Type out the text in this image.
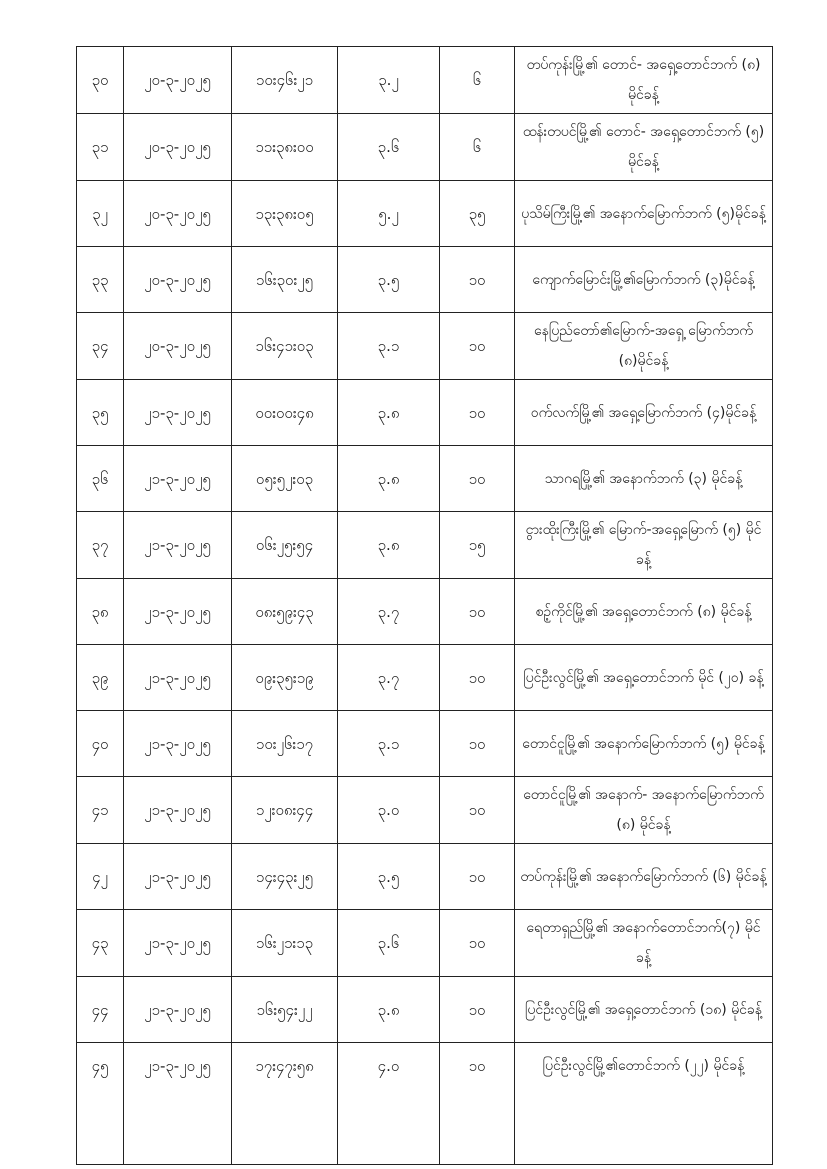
၃၀	၂၀-၃-၂၀၂၅	၁၀း၄၆း၂၁	၃.၂	၆	တပ်ကုန်းမြို့၏ တောင်- အရှေ့တောင်ဘက် (၈) မိုင်ခန့်
၃၁	၂၀-၃-၂၀၂၅	၁၁း၃၈း၀၀	၃.၆	၆	ထန်းတပင်မြို့၏ တောင်- အရှေ့တောင်ဘက် (၅) မိုင်ခန့်
၃၂	၂၀-၃-၂၀၂၅	၁၃း၃၈း၀၅	၅.၂	၃၅	ပုသိမ်ကြီးမြို့၏ အနောက်မြောက်ဘက် (၅)မိုင်ခန့်
၃၃	၂၀-၃-၂၀၂၅	၁၆း၃၀း၂၅	၃.၅	၁၀	ကျောက်မြောင်းမြို့၏မြောက်ဘက် (၃)မိုင်ခန့်
၃၄	၂၀-၃-၂၀၂၅	၁၆း၄၁း၀၃	၃.၁	၁၀	နေပြည်တော်၏မြောက်-အရှေ့ မြောက်ဘက် (၈)မိုင်ခန့်
၃၅	၂၁-၃-၂၀၂၅	၀၀း၀၀း၄၈	၃.၈	၁၀	ဝက်လက်မြို့၏ အရှေ့မြောက်ဘက် (၄)မိုင်ခန့်
၃၆	၂၁-၃-၂၀၂၅	၀၅း၅၂း၀၃	၃.၈	၁၀	သာဂရမြို့၏ အနောက်ဘက် (၃) မိုင်ခန့်
၃၇	၂၁-၃-၂၀၂၅	၀၆း၂၅း၅၄	၃.၈	၁၅	ငွားထိုးကြီးမြို့၏ မြောက်-အရှေ့မြောက် (၅) မိုင်ခန့်
၃၈	၂၁-၃-၂၀၂၅	၀၈း၅၉း၄၃	၃.၇	၁၀	စဉ့်ကိုင်မြို့၏ အရှေ့တောင်ဘက် (၈) မိုင်ခန့်
၃၉	၂၁-၃-၂၀၂၅	၀၉း၃၅း၁၉	၃.၇	၁၀	ပြင်ဦးလွင်မြို့၏ အရှေ့တောင်ဘက် မိုင် (၂၀) ခန့်
၄၀	၂၁-၃-၂၀၂၅	၁၀း၂၆း၁၇	၃.၁	၁၀	တောင်ငူမြို့၏ အနောက်မြောက်ဘက် (၅) မိုင်ခန့်
၄၁	၂၁-၃-၂၀၂၅	၁၂း၀၈း၄၄	၃.၀	၁၀	တောင်ငူမြို့၏ အနောက်- အနောက်မြောက်ဘက် (၈) မိုင်ခန့်
၄၂	၂၁-၃-၂၀၂၅	၁၄း၄၃း၂၅	၃.၅	၁၀	တပ်ကုန်းမြို့၏ အနောက်မြောက်ဘက် (၆) မိုင်ခန့်
၄၃	၂၁-၃-၂၀၂၅	၁၆း၂၁း၁၃	၃.၆	၁၀	ရေတာရှည်မြို့၏ အနောက်တောင်ဘက်(၇) မိုင်ခန့်
၄၄	၂၁-၃-၂၀၂၅	၁၆း၅၄း၂၂	၃.၈	၁၀	ပြင်ဦးလွင်မြို့၏ အရှေ့တောင်ဘက် (၁၈) မိုင်ခန့်
၄၅	၂၁-၃-၂၀၂၅	၁၇း၄၇း၅၈	၄.၀	၁၀	ပြင်ဦးလွင်မြို့၏တောင်ဘက် (၂၂) မိုင်ခန့်
